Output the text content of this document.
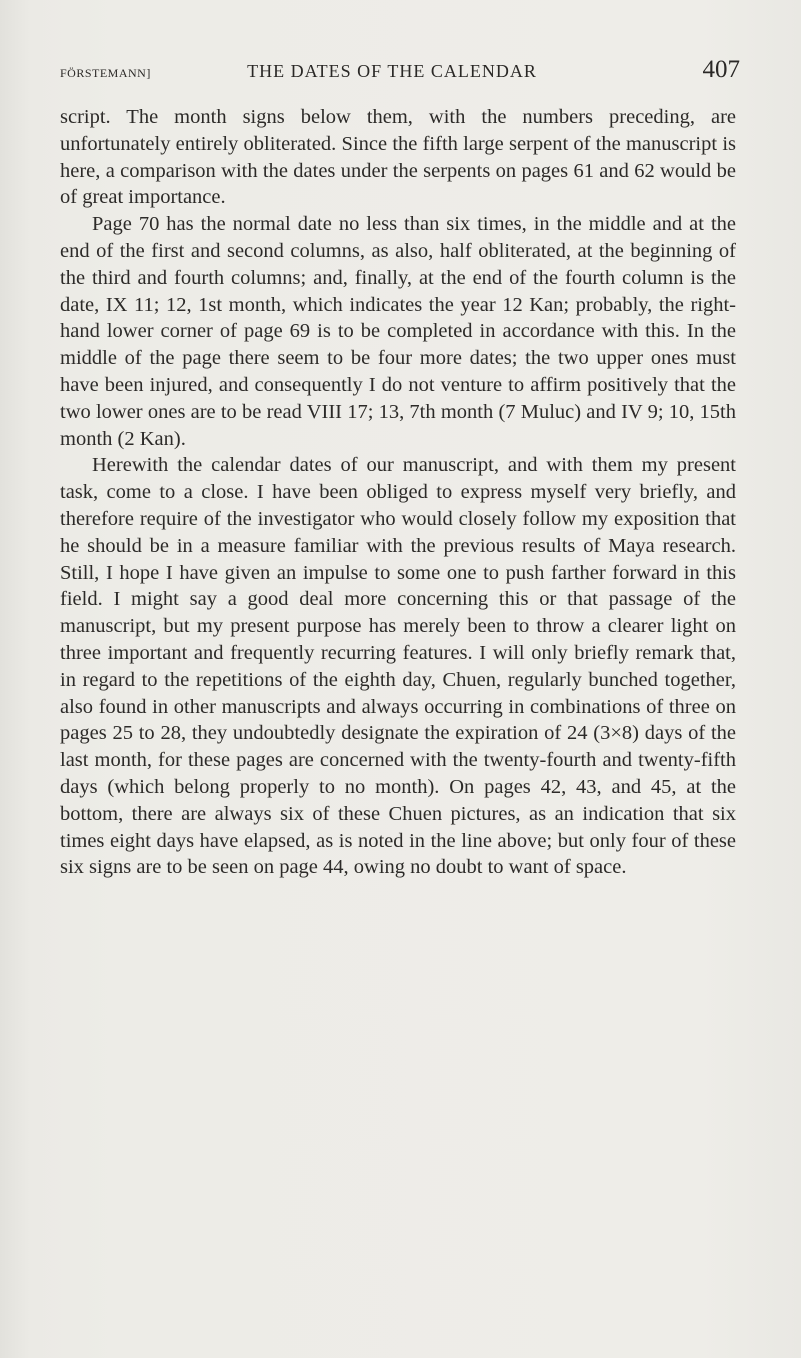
FÖRSTEMANN]	THE DATES OF THE CALENDAR	407

script. The month signs below them, with the numbers preceding, are unfortunately entirely obliterated. Since the fifth large serpent of the manuscript is here, a comparison with the dates under the serpents on pages 61 and 62 would be of great importance.

Page 70 has the normal date no less than six times, in the middle and at the end of the first and second columns, as also, half obliterated, at the beginning of the third and fourth columns; and, finally, at the end of the fourth column is the date, IX 11; 12, 1st month, which indicates the year 12 Kan; probably, the right-hand lower corner of page 69 is to be completed in accordance with this. In the middle of the page there seem to be four more dates; the two upper ones must have been injured, and consequently I do not venture to affirm positively that the two lower ones are to be read VIII 17; 13, 7th month (7 Muluc) and IV 9; 10, 15th month (2 Kan).

Herewith the calendar dates of our manuscript, and with them my present task, come to a close. I have been obliged to express myself very briefly, and therefore require of the investigator who would closely follow my exposition that he should be in a measure familiar with the previous results of Maya research. Still, I hope I have given an impulse to some one to push farther forward in this field. I might say a good deal more concerning this or that passage of the manuscript, but my present purpose has merely been to throw a clearer light on three important and frequently recurring features. I will only briefly remark that, in regard to the repetitions of the eighth day, Chuen, regularly bunched together, also found in other manuscripts and always occurring in combinations of three on pages 25 to 28, they undoubtedly designate the expiration of 24 (3×8) days of the last month, for these pages are concerned with the twenty-fourth and twenty-fifth days (which belong properly to no month). On pages 42, 43, and 45, at the bottom, there are always six of these Chuen pictures, as an indication that six times eight days have elapsed, as is noted in the line above; but only four of these six signs are to be seen on page 44, owing no doubt to want of space.
